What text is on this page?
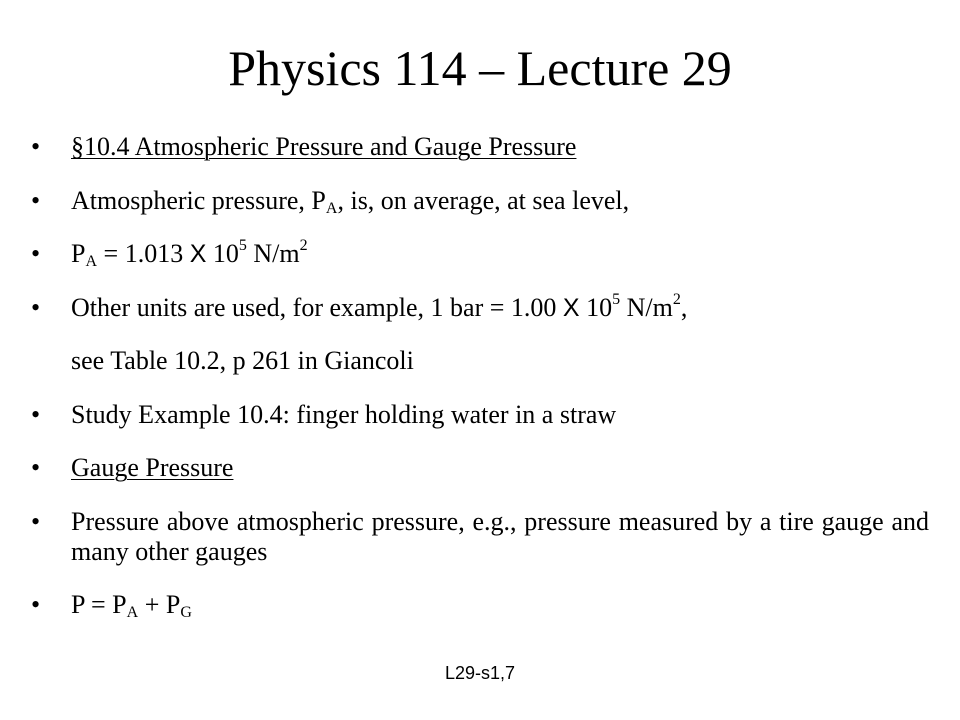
Physics 114 – Lecture 29
•	§10.4 Atmospheric Pressure and Gauge Pressure
•	Atmospheric pressure, $P_A$, is, on average, at sea level,
•	$P_A = 1.013$ X $10^5$ $N/m^2$
•	Other units are used, for example, 1 bar = 1.00 X $10^5$ $N/m^2$,
see Table 10.2, p 261 in Giancoli
•	Study Example 10.4: finger holding water in a straw
•	Gauge Pressure
•	Pressure above atmospheric pressure, e.g., pressure measured by a tire gauge and many other gauges
•	$P = P_A + P_G$
L29-s1,7
